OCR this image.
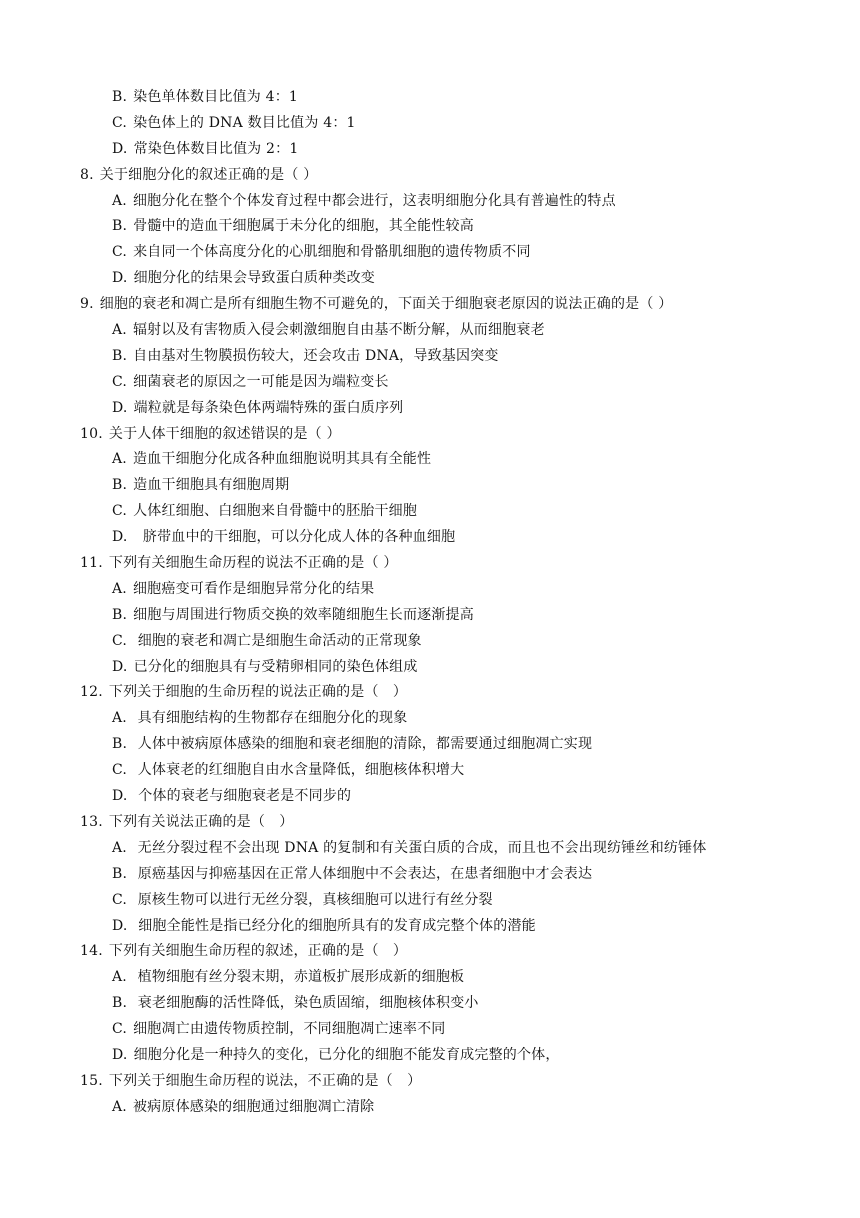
B. 染色单体数目比值为 4：1
C. 染色体上的 DNA 数目比值为 4：1
D. 常染色体数目比值为 2：1
8. 关于细胞分化的叙述正确的是（ ）
A. 细胞分化在整个个体发育过程中都会进行，这表明细胞分化具有普遍性的特点
B. 骨髓中的造血干细胞属于未分化的细胞，其全能性较高
C. 来自同一个体高度分化的心肌细胞和骨骼肌细胞的遗传物质不同
D. 细胞分化的结果会导致蛋白质种类改变
9. 细胞的衰老和凋亡是所有细胞生物不可避免的，下面关于细胞衰老原因的说法正确的是（ ）
A. 辐射以及有害物质入侵会刺激细胞自由基不断分解，从而细胞衰老
B. 自由基对生物膜损伤较大，还会攻击 DNA，导致基因突变
C. 细菌衰老的原因之一可能是因为端粒变长
D. 端粒就是每条染色体两端特殊的蛋白质序列
10. 关于人体干细胞的叙述错误的是（ ）
A. 造血干细胞分化成各种血细胞说明其具有全能性
B. 造血干细胞具有细胞周期
C. 人体红细胞、白细胞来自骨髓中的胚胎干细胞
D.  脐带血中的干细胞，可以分化成人体的各种血细胞
11. 下列有关细胞生命历程的说法不正确的是（ ）
A. 细胞癌变可看作是细胞异常分化的结果
B. 细胞与周围进行物质交换的效率随细胞生长而逐渐提高
C. 细胞的衰老和凋亡是细胞生命活动的正常现象
D. 已分化的细胞具有与受精卵相同的染色体组成
12. 下列关于细胞的生命历程的说法正确的是（　）
A. 具有细胞结构的生物都存在细胞分化的现象
B. 人体中被病原体感染的细胞和衰老细胞的清除，都需要通过细胞凋亡实现
C. 人体衰老的红细胞自由水含量降低，细胞核体积增大
D. 个体的衰老与细胞衰老是不同步的
13. 下列有关说法正确的是（　）
A. 无丝分裂过程不会出现 DNA 的复制和有关蛋白质的合成，而且也不会出现纺锤丝和纺锤体
B. 原癌基因与抑癌基因在正常人体细胞中不会表达，在患者细胞中才会表达
C. 原核生物可以进行无丝分裂，真核细胞可以进行有丝分裂
D. 细胞全能性是指已经分化的细胞所具有的发育成完整个体的潜能
14. 下列有关细胞生命历程的叙述，正确的是（　）
A. 植物细胞有丝分裂末期，赤道板扩展形成新的细胞板
B. 衰老细胞酶的活性降低，染色质固缩，细胞核体积变小
C. 细胞凋亡由遗传物质控制，不同细胞凋亡速率不同
D. 细胞分化是一种持久的变化，已分化的细胞不能发育成完整的个体，
15. 下列关于细胞生命历程的说法，不正确的是（　）
A. 被病原体感染的细胞通过细胞凋亡清除
